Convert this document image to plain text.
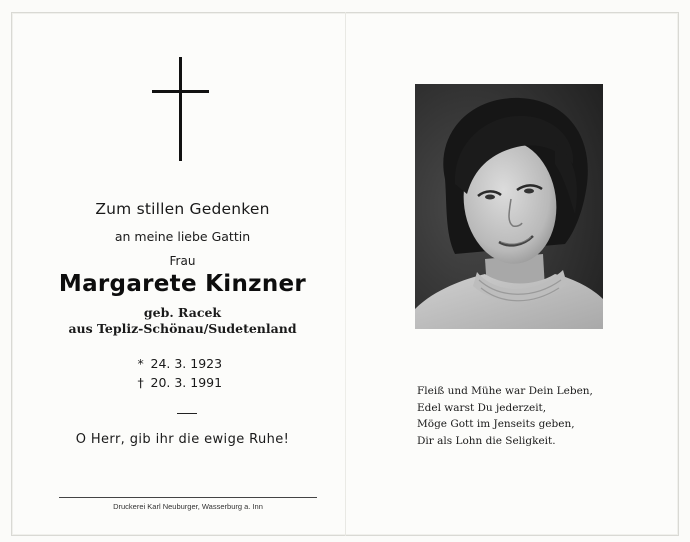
Zum stillen Gedenken
an meine liebe Gattin
Frau
Margarete Kinzner
geb. Racek
aus Tepliz-Schönau/Sudetenland
* 24. 3. 1923
† 20. 3. 1991
O Herr, gib ihr die ewige Ruhe!
Druckerei Karl Neuburger, Wasserburg a. Inn
Fleiß und Mühe war Dein Leben,
Edel warst Du jederzeit,
Möge Gott im Jenseits geben,
Dir als Lohn die Seligkeit.
